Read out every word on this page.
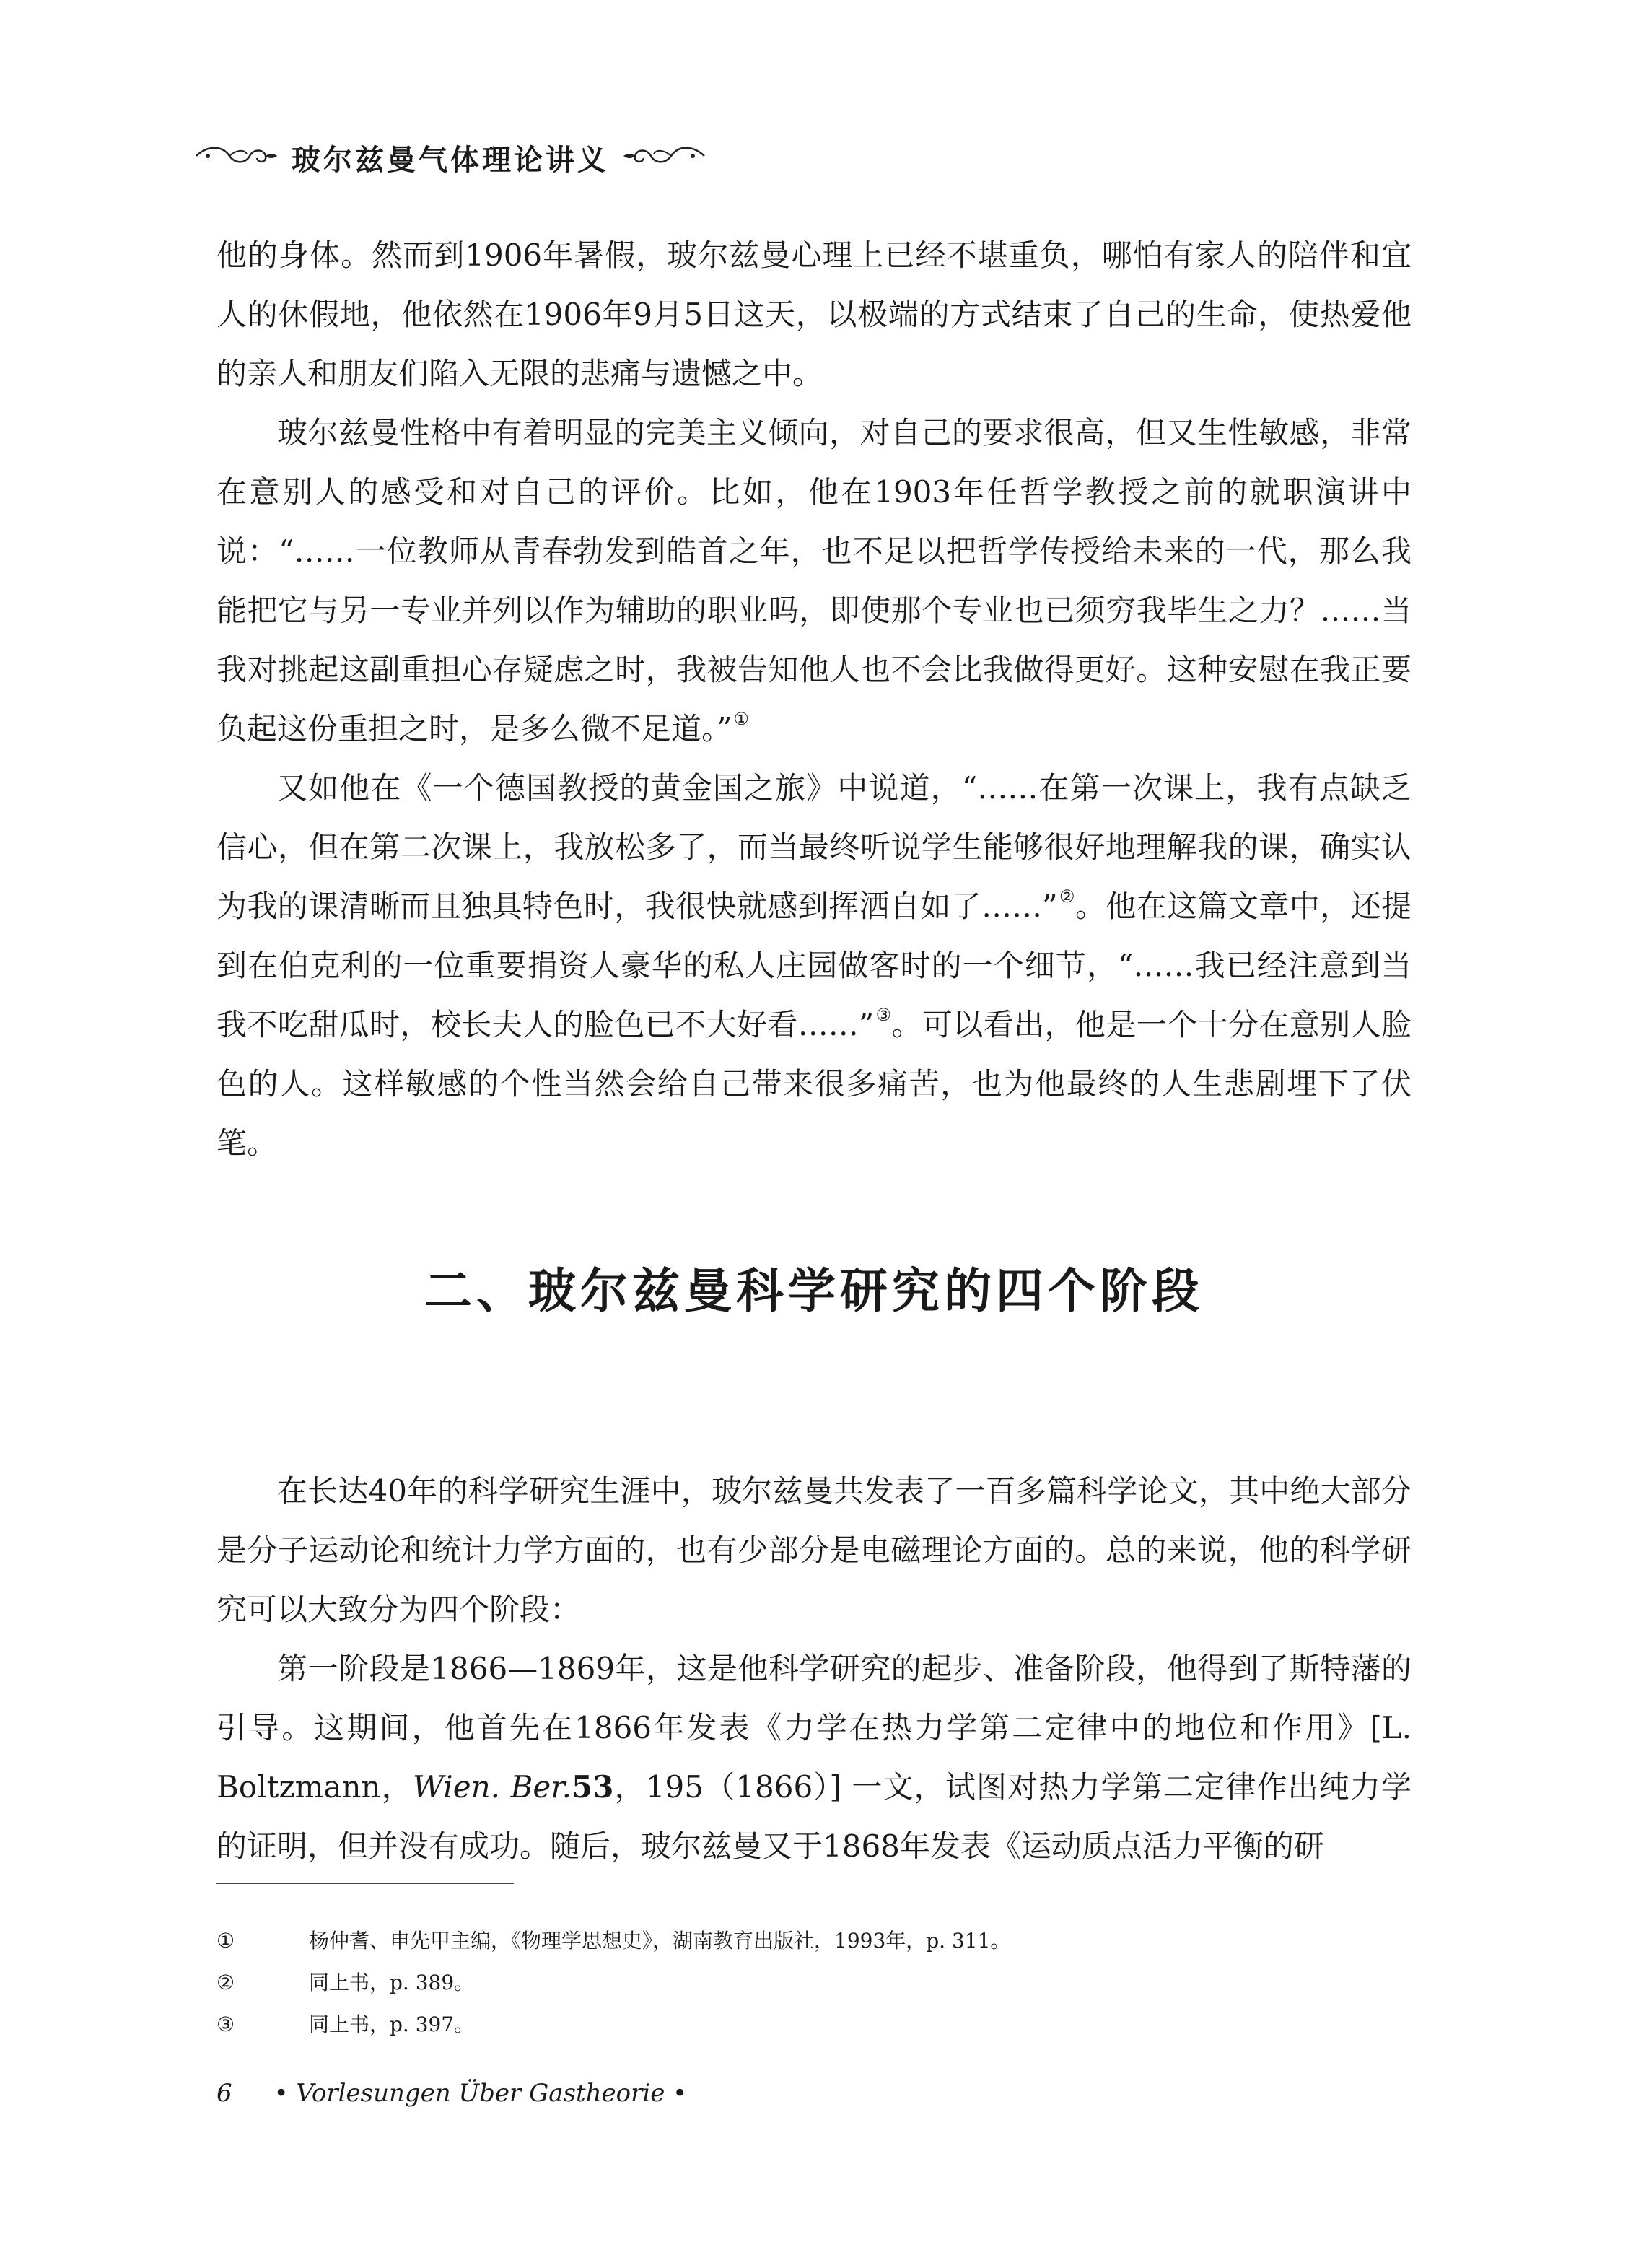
玻尔兹曼气体理论讲义

他的身体。然而到1906年暑假，玻尔兹曼心理上已经不堪重负，哪怕有家人的陪伴和宜人的休假地，他依然在1906年9月5日这天，以极端的方式结束了自己的生命，使热爱他的亲人和朋友们陷入无限的悲痛与遗憾之中。

玻尔兹曼性格中有着明显的完美主义倾向，对自己的要求很高，但又生性敏感，非常在意别人的感受和对自己的评价。比如，他在1903年任哲学教授之前的就职演讲中说：“……一位教师从青春勃发到皓首之年，也不足以把哲学传授给未来的一代，那么我能把它与另一专业并列以作为辅助的职业吗，即使那个专业也已须穷我毕生之力？……当我对挑起这副重担心存疑虑之时，我被告知他人也不会比我做得更好。这种安慰在我正要负起这份重担之时，是多么微不足道。”①

又如他在《一个德国教授的黄金国之旅》中说道，“……在第一次课上，我有点缺乏信心，但在第二次课上，我放松多了，而当最终听说学生能够很好地理解我的课，确实认为我的课清晰而且独具特色时，我很快就感到挥洒自如了……”②。他在这篇文章中，还提到在伯克利的一位重要捐资人豪华的私人庄园做客时的一个细节，“……我已经注意到当我不吃甜瓜时，校长夫人的脸色已不大好看……”③。可以看出，他是一个十分在意别人脸色的人。这样敏感的个性当然会给自己带来很多痛苦，也为他最终的人生悲剧埋下了伏笔。

二、玻尔兹曼科学研究的四个阶段

在长达40年的科学研究生涯中，玻尔兹曼共发表了一百多篇科学论文，其中绝大部分是分子运动论和统计力学方面的，也有少部分是电磁理论方面的。总的来说，他的科学研究可以大致分为四个阶段：

第一阶段是1866—1869年，这是他科学研究的起步、准备阶段，他得到了斯特藩的引导。这期间，他首先在1866年发表《力学在热力学第二定律中的地位和作用》[L. Boltzmann，Wien. Ber.53，195（1866）] 一文，试图对热力学第二定律作出纯力学的证明，但并没有成功。随后，玻尔兹曼又于1868年发表《运动质点活力平衡的研

①	杨仲耆、申先甲主编，《物理学思想史》，湖南教育出版社，1993年，p. 311。
②	同上书，p. 389。
③	同上书，p. 397。
6 • Vorlesungen Über Gastheorie •
